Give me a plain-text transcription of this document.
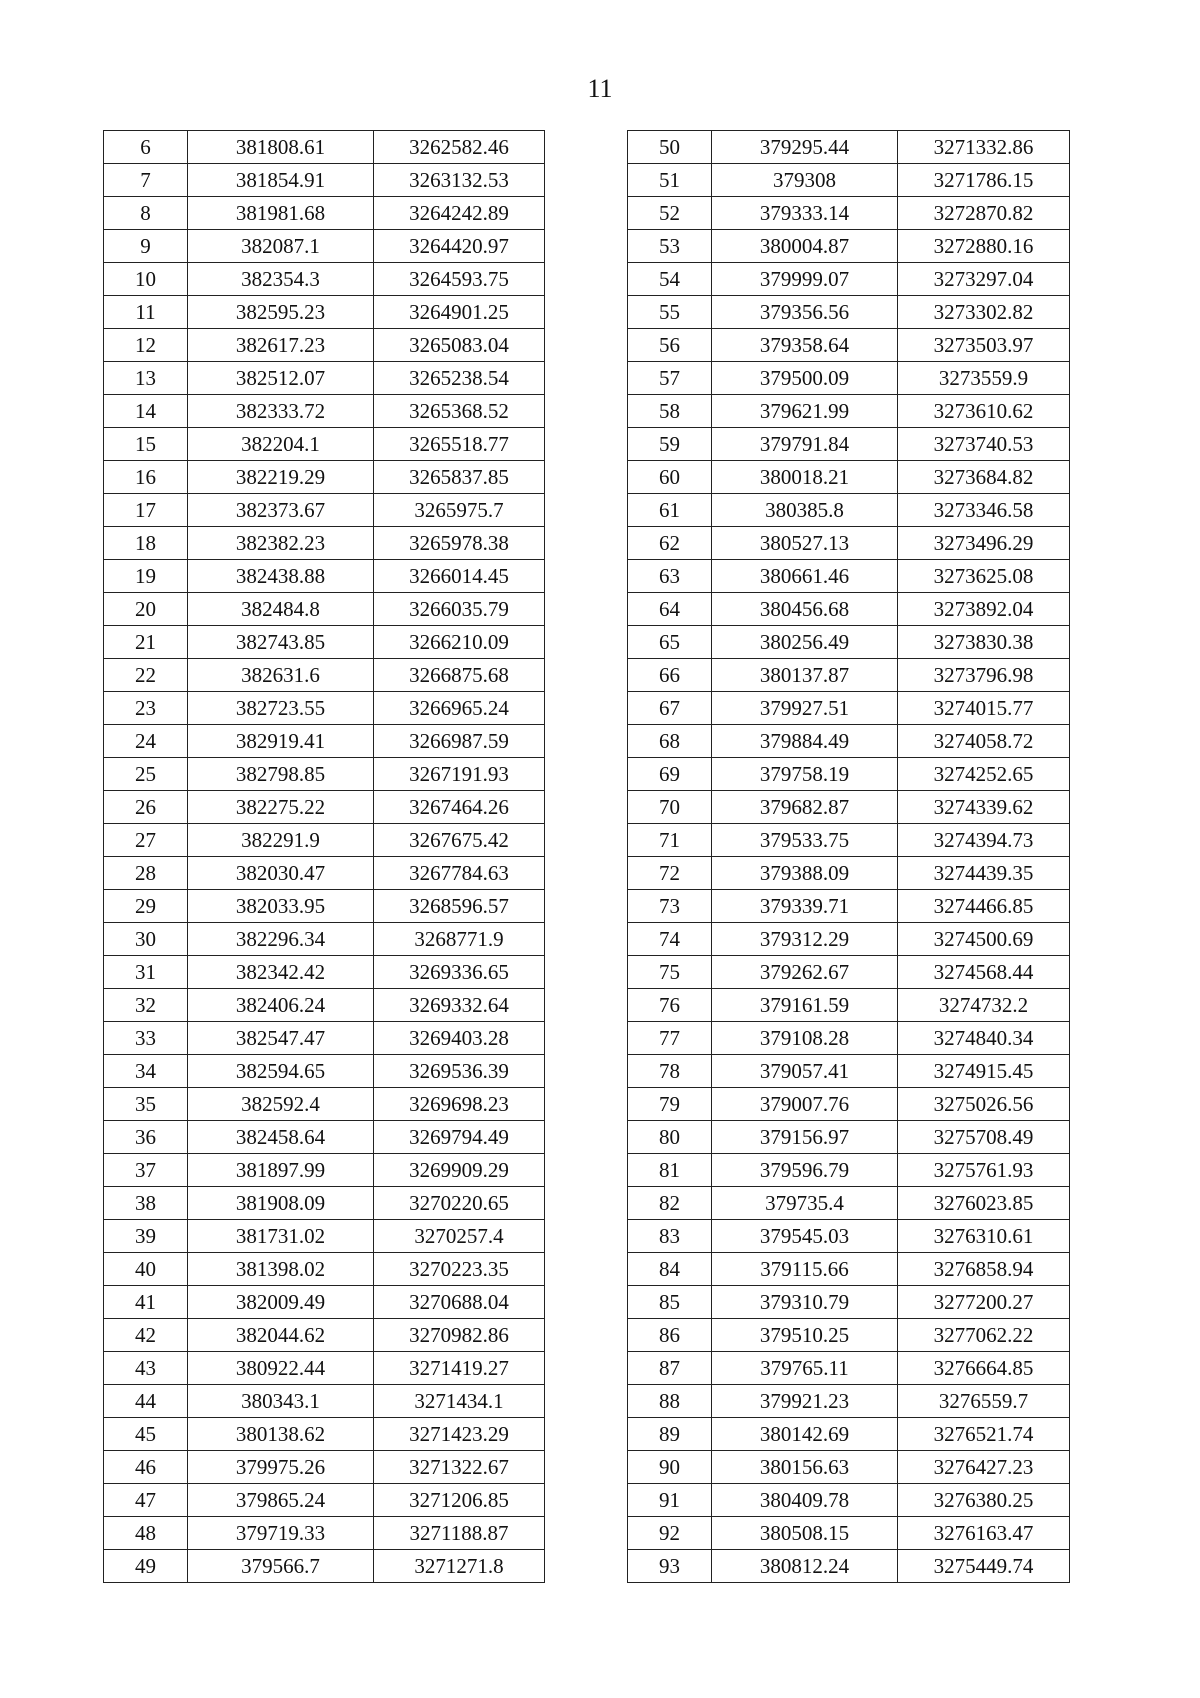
11
6	381808.61	3262582.46
7	381854.91	3263132.53
8	381981.68	3264242.89
9	382087.1	3264420.97
10	382354.3	3264593.75
11	382595.23	3264901.25
12	382617.23	3265083.04
13	382512.07	3265238.54
14	382333.72	3265368.52
15	382204.1	3265518.77
16	382219.29	3265837.85
17	382373.67	3265975.7
18	382382.23	3265978.38
19	382438.88	3266014.45
20	382484.8	3266035.79
21	382743.85	3266210.09
22	382631.6	3266875.68
23	382723.55	3266965.24
24	382919.41	3266987.59
25	382798.85	3267191.93
26	382275.22	3267464.26
27	382291.9	3267675.42
28	382030.47	3267784.63
29	382033.95	3268596.57
30	382296.34	3268771.9
31	382342.42	3269336.65
32	382406.24	3269332.64
33	382547.47	3269403.28
34	382594.65	3269536.39
35	382592.4	3269698.23
36	382458.64	3269794.49
37	381897.99	3269909.29
38	381908.09	3270220.65
39	381731.02	3270257.4
40	381398.02	3270223.35
41	382009.49	3270688.04
42	382044.62	3270982.86
43	380922.44	3271419.27
44	380343.1	3271434.1
45	380138.62	3271423.29
46	379975.26	3271322.67
47	379865.24	3271206.85
48	379719.33	3271188.87
49	379566.7	3271271.8
50	379295.44	3271332.86
51	379308	3271786.15
52	379333.14	3272870.82
53	380004.87	3272880.16
54	379999.07	3273297.04
55	379356.56	3273302.82
56	379358.64	3273503.97
57	379500.09	3273559.9
58	379621.99	3273610.62
59	379791.84	3273740.53
60	380018.21	3273684.82
61	380385.8	3273346.58
62	380527.13	3273496.29
63	380661.46	3273625.08
64	380456.68	3273892.04
65	380256.49	3273830.38
66	380137.87	3273796.98
67	379927.51	3274015.77
68	379884.49	3274058.72
69	379758.19	3274252.65
70	379682.87	3274339.62
71	379533.75	3274394.73
72	379388.09	3274439.35
73	379339.71	3274466.85
74	379312.29	3274500.69
75	379262.67	3274568.44
76	379161.59	3274732.2
77	379108.28	3274840.34
78	379057.41	3274915.45
79	379007.76	3275026.56
80	379156.97	3275708.49
81	379596.79	3275761.93
82	379735.4	3276023.85
83	379545.03	3276310.61
84	379115.66	3276858.94
85	379310.79	3277200.27
86	379510.25	3277062.22
87	379765.11	3276664.85
88	379921.23	3276559.7
89	380142.69	3276521.74
90	380156.63	3276427.23
91	380409.78	3276380.25
92	380508.15	3276163.47
93	380812.24	3275449.74
